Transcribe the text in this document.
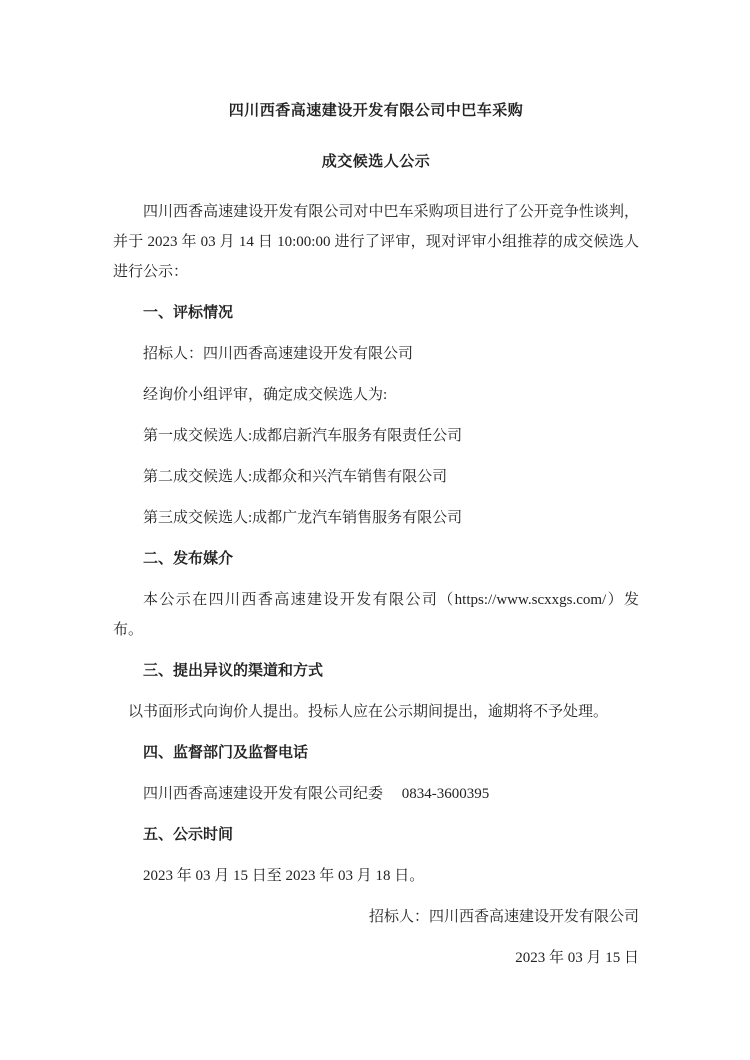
四川西香高速建设开发有限公司中巴车采购
成交候选人公示

四川西香高速建设开发有限公司对中巴车采购项目进行了公开竞争性谈判，并于 2023 年 03 月 14 日 10:00:00 进行了评审，现对评审小组推荐的成交候选人进行公示：

一、评标情况

招标人：四川西香高速建设开发有限公司

经询价小组评审，确定成交候选人为:

第一成交候选人:成都启新汽车服务有限责任公司

第二成交候选人:成都众和兴汽车销售有限公司

第三成交候选人:成都广龙汽车销售服务有限公司

二、发布媒介

本公示在四川西香高速建设开发有限公司（https://www.scxxgs.com/）发布。

三、提出异议的渠道和方式

以书面形式向询价人提出。投标人应在公示期间提出，逾期将不予处理。

四、监督部门及监督电话

四川西香高速建设开发有限公司纪委　 0834-3600395

五、公示时间

2023 年 03 月 15 日至 2023 年 03 月 18 日。

招标人：四川西香高速建设开发有限公司

2023 年 03 月 15 日
